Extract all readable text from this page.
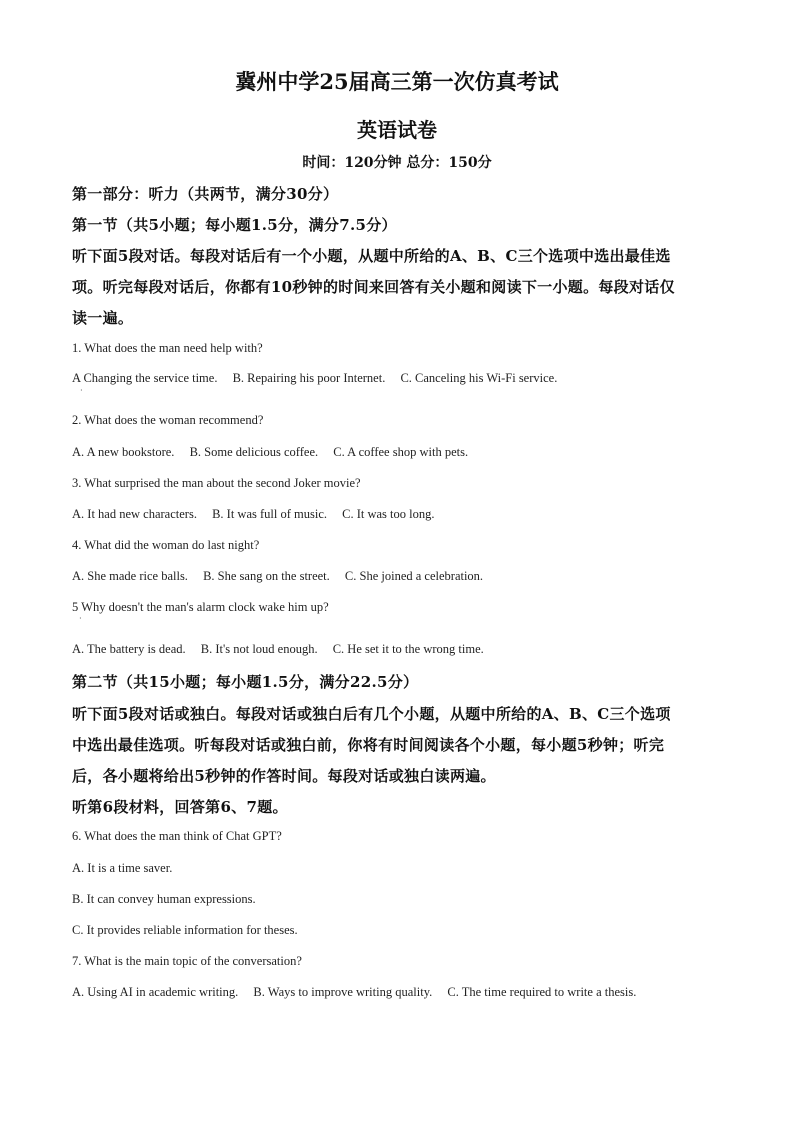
冀州中学25届高三第一次仿真考试
英语试卷
时间：120分钟 总分：150分
第一部分：听力（共两节，满分30分）
第一节（共5小题；每小题1.5分，满分7.5分）
听下面5段对话。每段对话后有一个小题，从题中所给的A、B、C三个选项中选出最佳选
项。听完每段对话后，你都有10秒钟的时间来回答有关小题和阅读下一小题。每段对话仅
读一遍。
1. What does the man need help with?
A Changing the service time. B. Repairing his poor Internet. C. Canceling his Wi-Fi service.
·
2. What does the woman recommend?
A. A new bookstore. B. Some delicious coffee. C. A coffee shop with pets.
3. What surprised the man about the second Joker movie?
A. It had new characters. B. It was full of music. C. It was too long.
4. What did the woman do last night?
A. She made rice balls. B. She sang on the street. C. She joined a celebration.
5 Why doesn't the man's alarm clock wake him up?
·
A. The battery is dead. B. It's not loud enough. C. He set it to the wrong time.
第二节（共15小题；每小题1.5分，满分22.5分）
听下面5段对话或独白。每段对话或独白后有几个小题，从题中所给的A、B、C三个选项
中选出最佳选项。听每段对话或独白前，你将有时间阅读各个小题，每小题5秒钟；听完
后，各小题将给出5秒钟的作答时间。每段对话或独白读两遍。
听第6段材料，回答第6、7题。
6. What does the man think of Chat GPT?
A. It is a time saver.
B. It can convey human expressions.
C. It provides reliable information for theses.
7. What is the main topic of the conversation?
A. Using AI in academic writing. B. Ways to improve writing quality. C. The time required to write a thesis.
